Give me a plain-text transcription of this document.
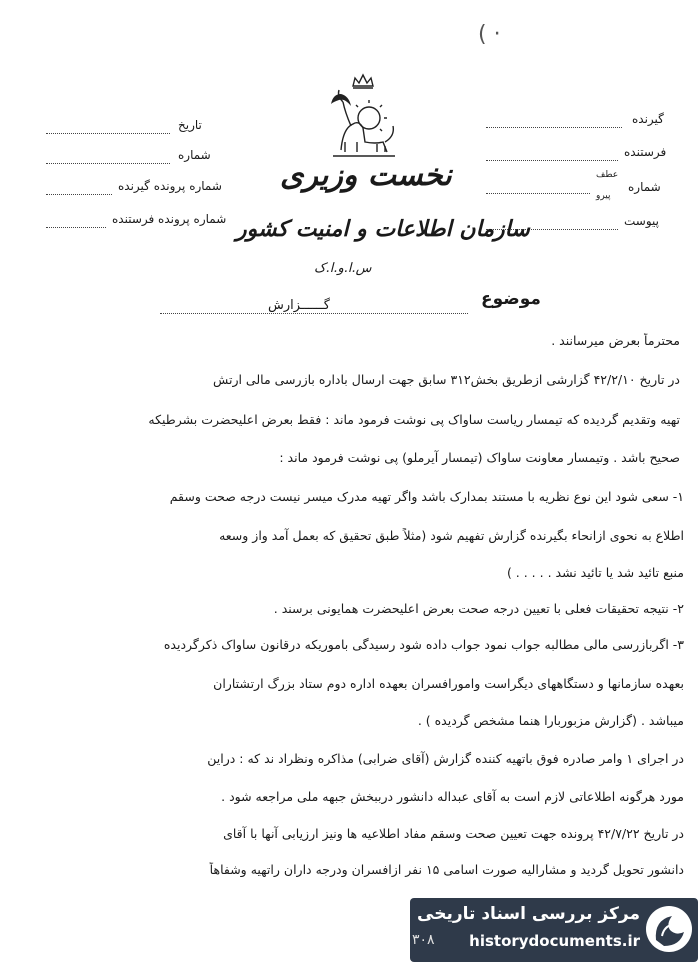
( ·
تاریخ
شماره
شماره پرونده گیرنده
شماره پرونده فرستنده
گیرنده
فرستنده
شماره
عطف
پیرو
پیوست
نخست وزیری
سازمان اطلاعات و امنیت کشور
س.ا.و.ا.ک
موضوع
گــــــزارش
محترماً بعرض میرسانند .
در تاریخ ۴۲/۲/۱۰ گزارشی ازطریق بخش۳۱۲ سابق جهت ارسال باداره بازرسی مالی ارتش
تهیه وتقدیم گردیده که تیمسار ریاست ساواک پی نوشت فرمود ماند : فقط بعرض اعلیحضرت بشرطیکه
صحیح باشد . وتیمسار معاونت ساواک (تیمسار آیرملو) پی نوشت فرمود ماند :
۱- سعی شود این نوع نظریه با مستند بمدارک باشد واگر تهیه مدرک میسر نیست درجه صحت وسقم
اطلاع به نحوی ازانحاء بگیرنده گزارش تفهیم شود (مثلاً طبق تحقیق که بعمل آمد واز وسعه
منبع تائید شد یا تائید نشد . . . . . )
۲- نتیجه تحقیقات فعلی با تعیین درجه صحت بعرض اعلیحضرت همایونی برسند .
۳- اگربازرسی مالی مطالبه جواب نمود جواب داده شود رسیدگی باموریکه درقانون ساواک ذکرگردیده
بعهده سازمانها و دستگاههای دیگراست وامورافسران بعهده اداره دوم ستاد بزرگ ارتشتاران
میباشد . (گزارش مزبوربارا هنما مشخص گردیده ) .
در اجرای ۱ وامر صادره فوق باتهیه کننده گزارش (آقای ضرابی) مذاکره ونظراد ند که : دراین
مورد هرگونه اطلاعاتی لازم است به آقای عبداله دانشور درببخش جبهه ملی مراجعه شود .
در تاریخ ۴۲/۷/۲۲ پرونده جهت تعیین صحت وسقم مفاد اطلاعیه ها ونیز ارزیابی آنها با آقای
دانشور تحویل گردید و مشارالیه صورت اسامی ۱۵ نفر ازافسران ودرجه داران راتهیه وشفاهاً
مرکز بررسی اسناد تاریخی
historydocuments.ir
۳۰۸
